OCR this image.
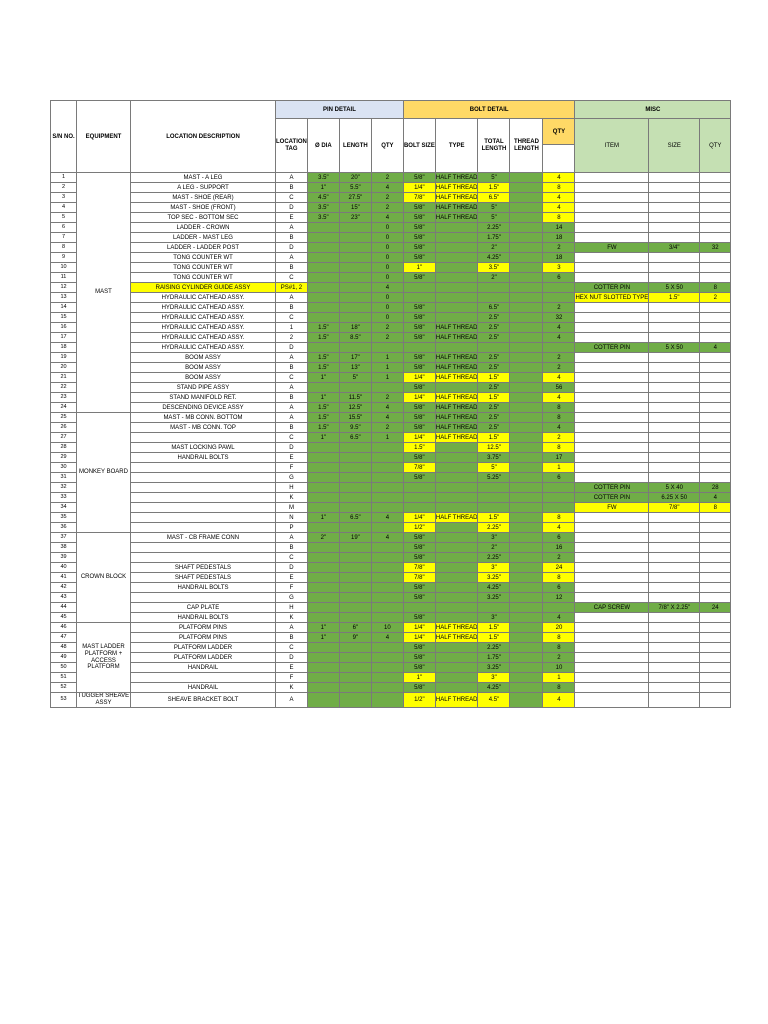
S/N NO.	EQUIPMENT	LOCATION DESCRIPTION	PIN DETAIL				BOLT DETAIL					MISC		
			LOCATION TAG	Ø DIA	LENGTH	QTY	BOLT SIZE	TYPE	TOTAL LENGTH	THREAD LENGTH	QTY	ITEM	SIZE	QTY

1	MAST	MAST - A LEG	A	3.5"	20"	2	5/8"	HALF THREAD	5"		4			
2		A LEG - SUPPORT	B	1"	5.5"	4	1/4"	HALF THREAD	1.5"		8			
3		MAST - SHOE (REAR)	C	4.5"	27.5"	2	7/8"	HALF THREAD	6.5"		4			
4		MAST - SHOE (FRONT)	D	3.5"	15"	2	5/8"	HALF THREAD	5"		4			
5		TOP SEC - BOTTOM SEC	E	3.5"	23"	4	5/8"	HALF THREAD	5"		8			
6		LADDER - CROWN	A			0	5/8"		2.25"		14			
7		LADDER - MAST LEG	B			0	5/8"		1.75"		18			
8		LADDER - LADDER POST	D			0	5/8"		2"		2	FW	3/4"	32
9		TONG COUNTER WT	A			0	5/8"		4.25"		18			
10		TONG COUNTER WT	B			0	1"		3.5"		3			
11		TONG COUNTER WT	C			0	5/8"		2"		6			
12		RAISING CYLINDER GUIDE ASSY	PS#1, 2			4						COTTER PIN	5 X 50	8
13		HYDRAULIC CATHEAD ASSY.	A			0						HEX NUT SLOTTED TYPE	1.5"	2
14		HYDRAULIC CATHEAD ASSY.	B			0	5/8"		6.5"		2			
15		HYDRAULIC CATHEAD ASSY.	C			0	5/8"		2.5"		32			
16		HYDRAULIC CATHEAD ASSY.	1	1.5"	18"	2	5/8"	HALF THREAD	2.5"		4			
17		HYDRAULIC CATHEAD ASSY.	2	1.5"	8.5"	2	5/8"	HALF THREAD	2.5"		4			
18		HYDRAULIC CATHEAD ASSY.	D									COTTER PIN	5 X 50	4
19		BOOM ASSY	A	1.5"	17"	1	5/8"	HALF THREAD	2.5"		2			
20		BOOM ASSY	B	1.5"	13"	1	5/8"	HALF THREAD	2.5"		2			
21		BOOM ASSY	C	1"	5"	1	1/4"	HALF THREAD	1.5"		4			
22		STAND PIPE ASSY	A				5/8"		2.5"		56			
23		STAND MANIFOLD RET.	B	1"	11.5"	2	1/4"	HALF THREAD	1.5"		4			
24		DESCENDING DEVICE ASSY	A	1.5"	12.5"	4	5/8"	HALF THREAD	2.5"		8			
25	MONKEY BOARD	MAST - MB CONN. BOTTOM	A	1.5"	15.5"	4	5/8"	HALF THREAD	2.5"		8			
26		MAST - MB CONN. TOP	B	1.5"	9.5"	2	5/8"	HALF THREAD	2.5"		4			
27			C	1"	6.5"	1	1/4"	HALF THREAD	1.5"		2			
28		MAST LOCKING PAWL	D				1.5"		12.5"		8			
29		HANDRAIL BOLTS	E				5/8"		3.75"		17			
30			F				7/8"		5"		1			
31			G				5/8"		5.25"		6			
32			H									COTTER PIN	5 X 40	28
33			K									COTTER PIN	6.25 X 50	4
34			M									FW	7/8"	8
35			N	1"	6.5"	4	1/4"	HALF THREAD	1.5"		8			
36			P				1/2"		2.25"		4			
37	CROWN BLOCK	MAST - CB FRAME CONN	A	2"	19"	4	5/8"		3"		6			
38			B				5/8"		2"		16			
39			C				5/8"		2.25"		2			
40		SHAFT PEDESTALS	D				7/8"		3"		24			
41		SHAFT PEDESTALS	E				7/8"		3.25"		8			
42		HANDRAIL BOLTS	F				5/8"		4.25"		6			
43			G				5/8"		3.25"		12			
44		CAP PLATE	H									CAP SCREW	7/8" X 2.25"	24
45		HANDRAIL BOLTS	K				5/8"		3"		4			
46	MAST LADDER PLATFORM + ACCESS PLATFORM	PLATFORM PINS	A	1"	6"	10	1/4"	HALF THREAD	1.5"		20			
47		PLATFORM PINS	B	1"	9"	4	1/4"	HALF THREAD	1.5"		8			
48		PLATFORM LADDER	C				5/8"		2.25"		8			
49		PLATFORM LADDER	D				5/8"		1.75"		2			
50		HANDRAIL	E				5/8"		3.25"		10			
51			F				1"		3"		1			
52		HANDRAIL	K				5/8"		4.25"		8			
53	TUGGER SHEAVE ASSY	SHEAVE BRACKET BOLT	A				1/2"	HALF THREAD	4.5"		4			
